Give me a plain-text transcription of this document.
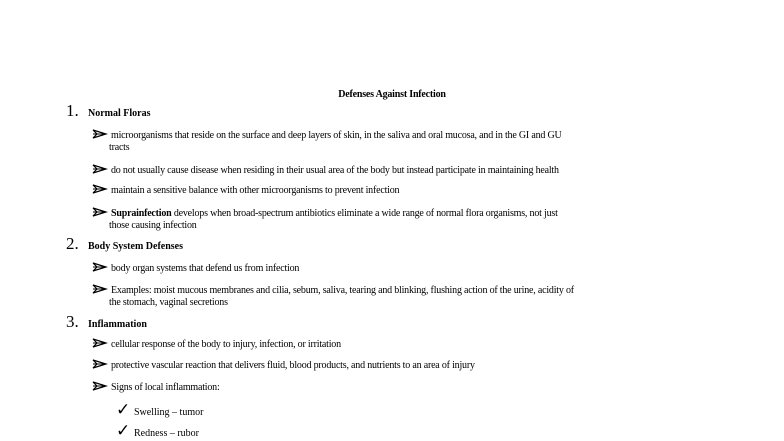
Defenses Against Infection
1. Normal Floras
microorganisms that reside on the surface and deep layers of skin, in the saliva and oral mucosa, and in the GI and GU
tracts
do not usually cause disease when residing in their usual area of the body but instead participate in maintaining health
maintain a sensitive balance with other microorganisms to prevent infection
Suprainfection develops when broad-spectrum antibiotics eliminate a wide range of normal flora organisms, not just
those causing infection
2. Body System Defenses
body organ systems that defend us from infection
Examples: moist mucous membranes and cilia, sebum, saliva, tearing and blinking, flushing action of the urine, acidity of
the stomach, vaginal secretions
3. Inflammation
cellular response of the body to injury, infection, or irritation
protective vascular reaction that delivers fluid, blood products, and nutrients to an area of injury
Signs of local inflammation:
✓ Swelling – tumor
✓ Redness – rubor
